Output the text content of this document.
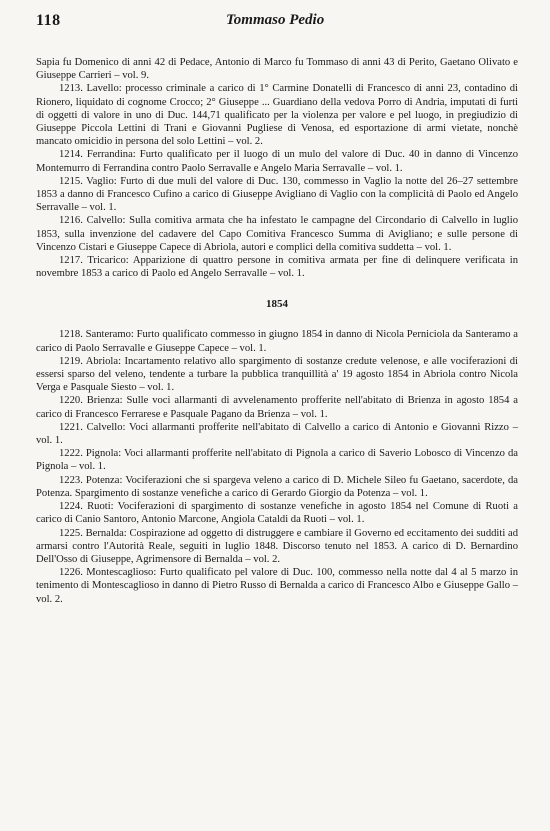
118	Tommaso Pedio

Sapia fu Domenico di anni 42 di Pedace, Antonio di Marco fu Tommaso di anni 43 di Perito, Gaetano Olivato e Giuseppe Carrieri – vol. 9.

1213. Lavello: processo criminale a carico di 1° Carmine Donatelli di Francesco di anni 23, contadino di Rionero, liquidato di cognome Crocco; 2° Giuseppe ... Guardiano della vedova Porro di Andria, imputati di furti di oggetti di valore in uno di Duc. 144,71 qualificato per la violenza per valore e pel luogo, in pregiudizio di Giuseppe Piccola Lettini di Trani e Giovanni Pugliese di Venosa, ed esportazione di armi vietate, nonchè mancato omicidio in persona del solo Lettini – vol. 2.

1214. Ferrandina: Furto qualificato per il luogo di un mulo del valore di Duc. 40 in danno di Vincenzo Montemurro di Ferrandina contro Paolo Serravalle e Angelo Maria Serravalle – vol. 1.

1215. Vaglio: Furto di due muli del valore di Duc. 130, commesso in Vaglio la notte del 26–27 settembre 1853 a danno di Francesco Cufino a carico di Giuseppe Avigliano di Vaglio con la complicità di Paolo ed Angelo Serravalle – vol. 1.

1216. Calvello: Sulla comitiva armata che ha infestato le campagne del Circondario di Calvello in luglio 1853, sulla invenzione del cadavere del Capo Comitiva Francesco Summa di Avigliano; e sulle persone di Vincenzo Cistari e Giuseppe Capece di Abriola, autori e complici della comitiva suddetta – vol. 1.

1217. Tricarico: Apparizione di quattro persone in comitiva armata per fine di delinquere verificata in novembre 1853 a carico di Paolo ed Angelo Serravalle – vol. 1.

1854

1218. Santeramo: Furto qualificato commesso in giugno 1854 in danno di Nicola Perniciola da Santeramo a carico di Paolo Serravalle e Giuseppe Capece – vol. 1.

1219. Abriola: Incartamento relativo allo spargimento di sostanze credute velenose, e alle vociferazioni di essersi sparso del veleno, tendente a turbare la pubblica tranquillità a' 19 agosto 1854 in Abriola contro Nicola Verga e Pasquale Siesto – vol. 1.

1220. Brienza: Sulle voci allarmanti di avvelenamento profferite nell'abitato di Brienza in agosto 1854 a carico di Francesco Ferrarese e Pasquale Pagano da Brienza – vol. 1.

1221. Calvello: Voci allarmanti profferite nell'abitato di Calvello a carico di Antonio e Giovanni Rizzo – vol. 1.

1222. Pignola: Voci allarmanti profferite nell'abitato di Pignola a carico di Saverio Lobosco di Vincenzo da Pignola – vol. 1.

1223. Potenza: Vociferazioni che si spargeva veleno a carico di D. Michele Sileo fu Gaetano, sacerdote, da Potenza. Spargimento di sostanze venefiche a carico di Gerardo Giorgio da Potenza – vol. 1.

1224. Ruoti: Vociferazioni di spargimento di sostanze venefiche in agosto 1854 nel Comune di Ruoti a carico di Canio Santoro, Antonio Marcone, Angiola Cataldi da Ruoti – vol. 1.

1225. Bernalda: Cospirazione ad oggetto di distruggere e cambiare il Governo ed eccitamento dei sudditi ad armarsi contro l'Autorità Reale, seguiti in luglio 1848. Discorso tenuto nel 1853. A carico di D. Bernardino Dell'Osso di Giuseppe, Agrimensore di Bernalda – vol. 2.

1226. Montescaglioso: Furto qualificato pel valore di Duc. 100, commesso nella notte dal 4 al 5 marzo in tenimento di Montescaglioso in danno di Pietro Russo di Bernalda a carico di Francesco Albo e Giuseppe Gallo – vol. 2.
